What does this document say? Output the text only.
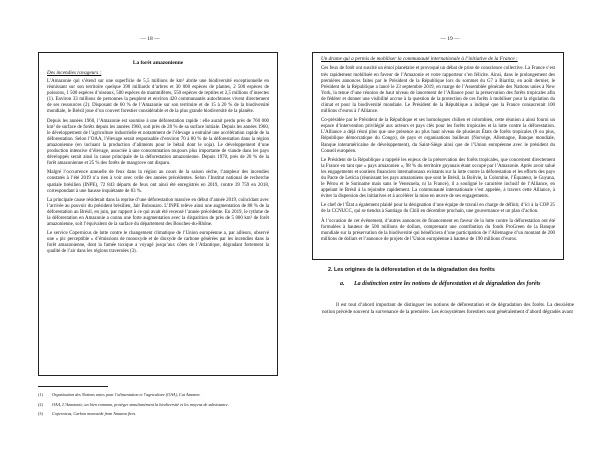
— 18 —
La forêt amazonienne
Des incendies ravageurs :

L’Amazonie qui s’étend sur une superficie de 5,5 millions de km² abrite une biodiversité exceptionnelle en réunissant sur son territoire quelque 390 milliards d’arbres et 30 000 espèces de plantes, 2 500 espèces de poissons, 1 500 espèces d’oiseaux, 500 espèces de mammifères, 550 espèces de reptiles et 2,5 millions d’insectes (1). Environ 33 millions de personnes la peuplent et environ 420 communautés autochtones vivent directement de ses ressources (2). Disposant de 60 % de l’Amazonie sur son territoire et de 15 à 20 % de la biodiversité mondiale, le Brésil joue d’un couvert forestier considérable et de la plus grande biodiversité de la planète.

Depuis les années 1960, l’Amazonie est soumise à une déforestation rapide : elle aurait perdu près de 760 000 km² de surface de forêts depuis les années 1960, soit près de 20 % de sa surface initiale. Depuis les années 1960, le développement de l’agriculture industrielle et notamment de l’élevage a entraîné une accélération rapide de la déforestation. Selon l’OAA, l’élevage serait responsable d’environ 70 à 80 % de la déforestation dans la région amazonienne (en incluant la production d’aliments pour le bétail dont le soja). Le développement d’une production intensive d’élevage, associée à une consommation toujours plus importante de viande dans les pays développés serait ainsi la cause principale de la déforestation amazonienne. Depuis 1970, près de 20 % de la forêt amazonienne et 25 % des forêts de mangrove ont disparu.

Malgré l’occurrence annuelle de feux dans la région au cours de la saison sèche, l’ampleur des incendies constatés à l’été 2019 n’a rien à voir avec celle des années précédentes. Selon l’Institut national de recherche spatiale brésilien (INPE), 72 843 départs de feux ont ainsi été enregistrés en 2019, contre 39 759 en 2018, correspondant à une hausse inquiétante de 83 %.

La principale cause résiderait dans la reprise d’une déforestation massive en début d’année 2019, coïncidant avec l’arrivée au pouvoir du président brésilien, Jair Bolsonaro. L’INPE relève ainsi une augmentation de 88 % de la déforestation au Brésil, en juin, par rapport à ce qui avait été recensé l’année précédente. En 2019, le rythme de la déforestation en Amazonie a connu une forte augmentation avec la disparition de près de 5 000 km² de forêt amazonienne, soit l’équivalent de la surface du département des Bouches-du-Rhône.

Le service Copernicus de lutte contre le changement climatique de l’Union européenne a, par ailleurs, observé une « pic perceptible » d’émissions de monoxyde et de dioxyde de carbone générées par les incendies dans la forêt amazonienne, dont la fumée toxique a voyagé jusqu’aux côtes de l’Atlantique, dégradant fortement la qualité de l’air dans les régions traversées (3).

(1)	Organisation des Nations unies pour l’alimentation et l’agriculture (OAA), Cut Amazon.
(2)	OAA, L’Amazonie, un bien commun, protéger simultanément la biodiversité et les moyens de subsistance.
(3)	Copernicus, Carbon monoxide from Amazon fires.
— 19 —
Un drame qui a permis de mobiliser la communauté internationale à l’initiative de la France :

Ces feux de forêt ont suscité un émoi planétaire et provoqué un débat de prise de conscience collective. La France s’est très rapidement mobilisée en faveur de l’Amazonie et votre rapporteur s’en félicite. Ainsi, dans le prolongement des premières annonces faites par le Président de la République lors du sommet du G7 à Biarritz, en août dernier, le Président de la République a lancé le 23 septembre 2019, en marge de l’Assemblée générale des Nations unies à New York, la tenue d’une réunion de haut niveau de lancement de l’Alliance pour la préservation des forêts tropicales afin de fédérer et donner une visibilité accrue à la question de la protection de ces forêts à mobiliser pour la régulation du climat et pour la biodiversité mondiale. Le Président de la République a indiqué que la France consacrerait 100 millions d’euros à l’Alliance.

Co-présidée par le Président de la République et ses homologues chilien et colombien, cette réunion a ainsi fourni un espace d’intervention privilégié aux acteurs et pays clés pour les forêts tropicales et la lutte contre la déforestation. L’Alliance a déjà réuni plus que une présence au plus haut niveau de plusieurs États de forêts tropicales (8 ou plus, République démocratique du Congo), de pays et organisations bailleurs (Norvège, Allemagne, Banque mondiale, Banque interaméricaine de développement), du Saint-Siège ainsi que de l’Union européenne avec le président du Conseil européen.

Le Président de la République a rappelé les enjeux de la préservation des forêts tropicales, que concernent directement la France en tant que « pays amazonien », 98 % du territoire guyanais étant occupé par l’Amazonie. Après avoir salué les engagements et soutiens financiers internationaux existants sur la lutte contre la déforestation et les efforts des pays du Pacte de Leticia (réunissant les pays amazoniens que sont le Brésil, la Bolivie, la Colombie, l’Équateur, le Guyana, le Pérou et le Suriname mais sans le Venezuela, ni la France), il a souligné le caractère inclusif de l’Alliance, en appelant le Brésil à la rejoindre rapidement. La communauté internationale s’est appelée, à travers cette Alliance, à éviter la dispersion des initiatives et à accélérer la mise en œuvre de ses engagements.

Le chef de l’État a également plaidé pour la désignation d’une équipe de travail en charge de définir, d’ici à la COP 25 de la CCNUCC, qui se tiendra à Santiago du Chili en décembre prochain, une gouvernance et un plan d’action.

À l’occasion de cet événement, d’autres annonces de financement en faveur de la lutte contre la déforestation ont été formulées à hauteur de 500 millions de dollars, comprenant une contribution du fonds ProGreen de la Banque mondiale sur la préservation de la biodiversité qui bénéficiera d’une participation de l’Allemagne d’un montant de 200 millions de dollars et l’annonce de projets de l’Union européenne à hauteur de 190 millions d’euros.

2. Les origines de la déforestation et de la dégradation des forêts
a.	La distinction entre les notions de déforestation et de dégradation des forêts

Il est tout d’abord important de distinguer les notions de déforestation et de dégradation des forêts. La deuxième notion précède souvent la survenance de la première. Les écosystèmes forestiers sont généralement d’abord dégradés avant
